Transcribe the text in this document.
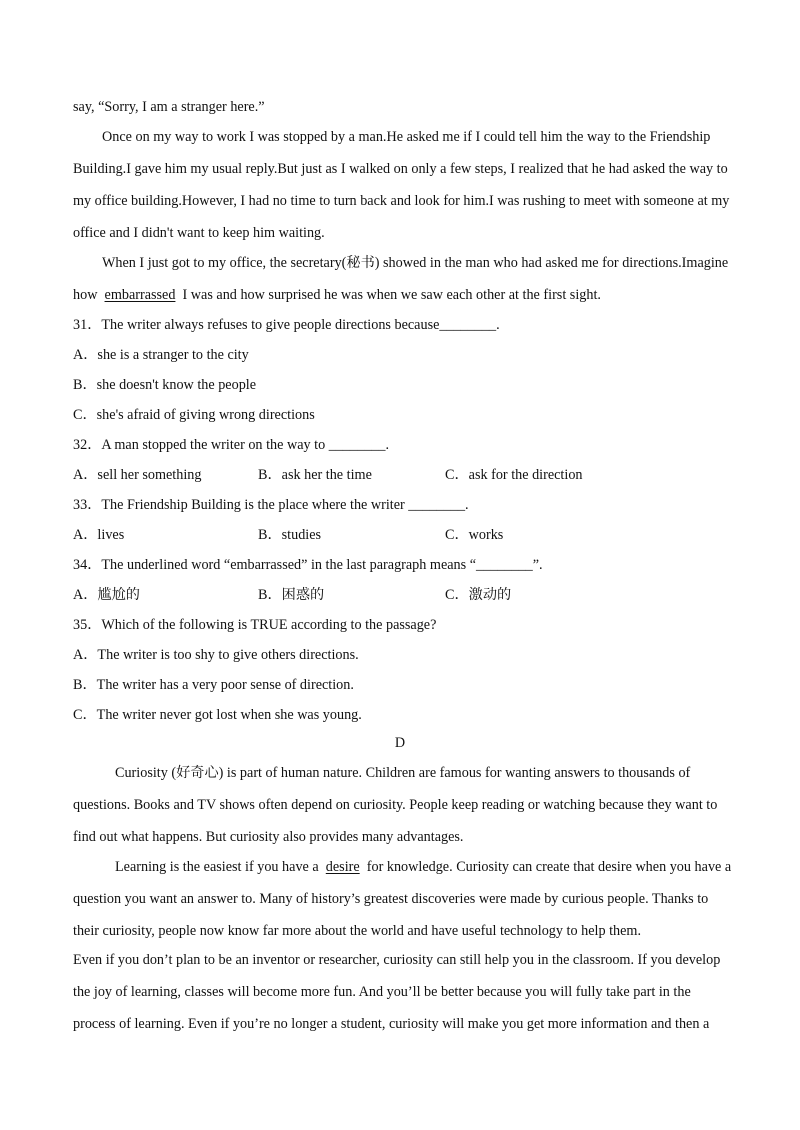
say, “Sorry, I am a stranger here.”
Once on my way to work I was stopped by a man.He asked me if I could tell him the way to the Friendship
Building.I gave him my usual reply.But just as I walked on only a few steps, I realized that he had asked the way to
my office building.However, I had no time to turn back and look for him.I was rushing to meet with someone at my
office and I didn't want to keep him waiting.
When I just got to my office, the secretary(秘书) showed in the man who had asked me for directions.Imagine
how embarrassed I was and how surprised he was when we saw each other at the first sight.
31．The writer always refuses to give people directions because________.
A．she is a stranger to the city
B．she doesn't know the people
C．she's afraid of giving wrong directions
32．A man stopped the writer on the way to ________.
A．sell her something	B．ask her the time	C．ask for the direction
33．The Friendship Building is the place where the writer ________.
A．lives	B．studies	C．works
34．The underlined word “embarrassed” in the last paragraph means “________”.
A．尴尬的	B．困惑的	C．激动的
35．Which of the following is TRUE according to the passage?
A．The writer is too shy to give others directions.
B．The writer has a very poor sense of direction.
C．The writer never got lost when she was young.
D
Curiosity (好奇心) is part of human nature. Children are famous for wanting answers to thousands of
questions. Books and TV shows often depend on curiosity. People keep reading or watching because they want to
find out what happens. But curiosity also provides many advantages.
Learning is the easiest if you have a desire for knowledge. Curiosity can create that desire when you have a
question you want an answer to. Many of history’s greatest discoveries were made by curious people. Thanks to
their curiosity, people now know far more about the world and have useful technology to help them.
Even if you don’t plan to be an inventor or researcher, curiosity can still help you in the classroom. If you develop
the joy of learning, classes will become more fun. And you’ll be better because you will fully take part in the
process of learning. Even if you’re no longer a student, curiosity will make you get more information and then a
